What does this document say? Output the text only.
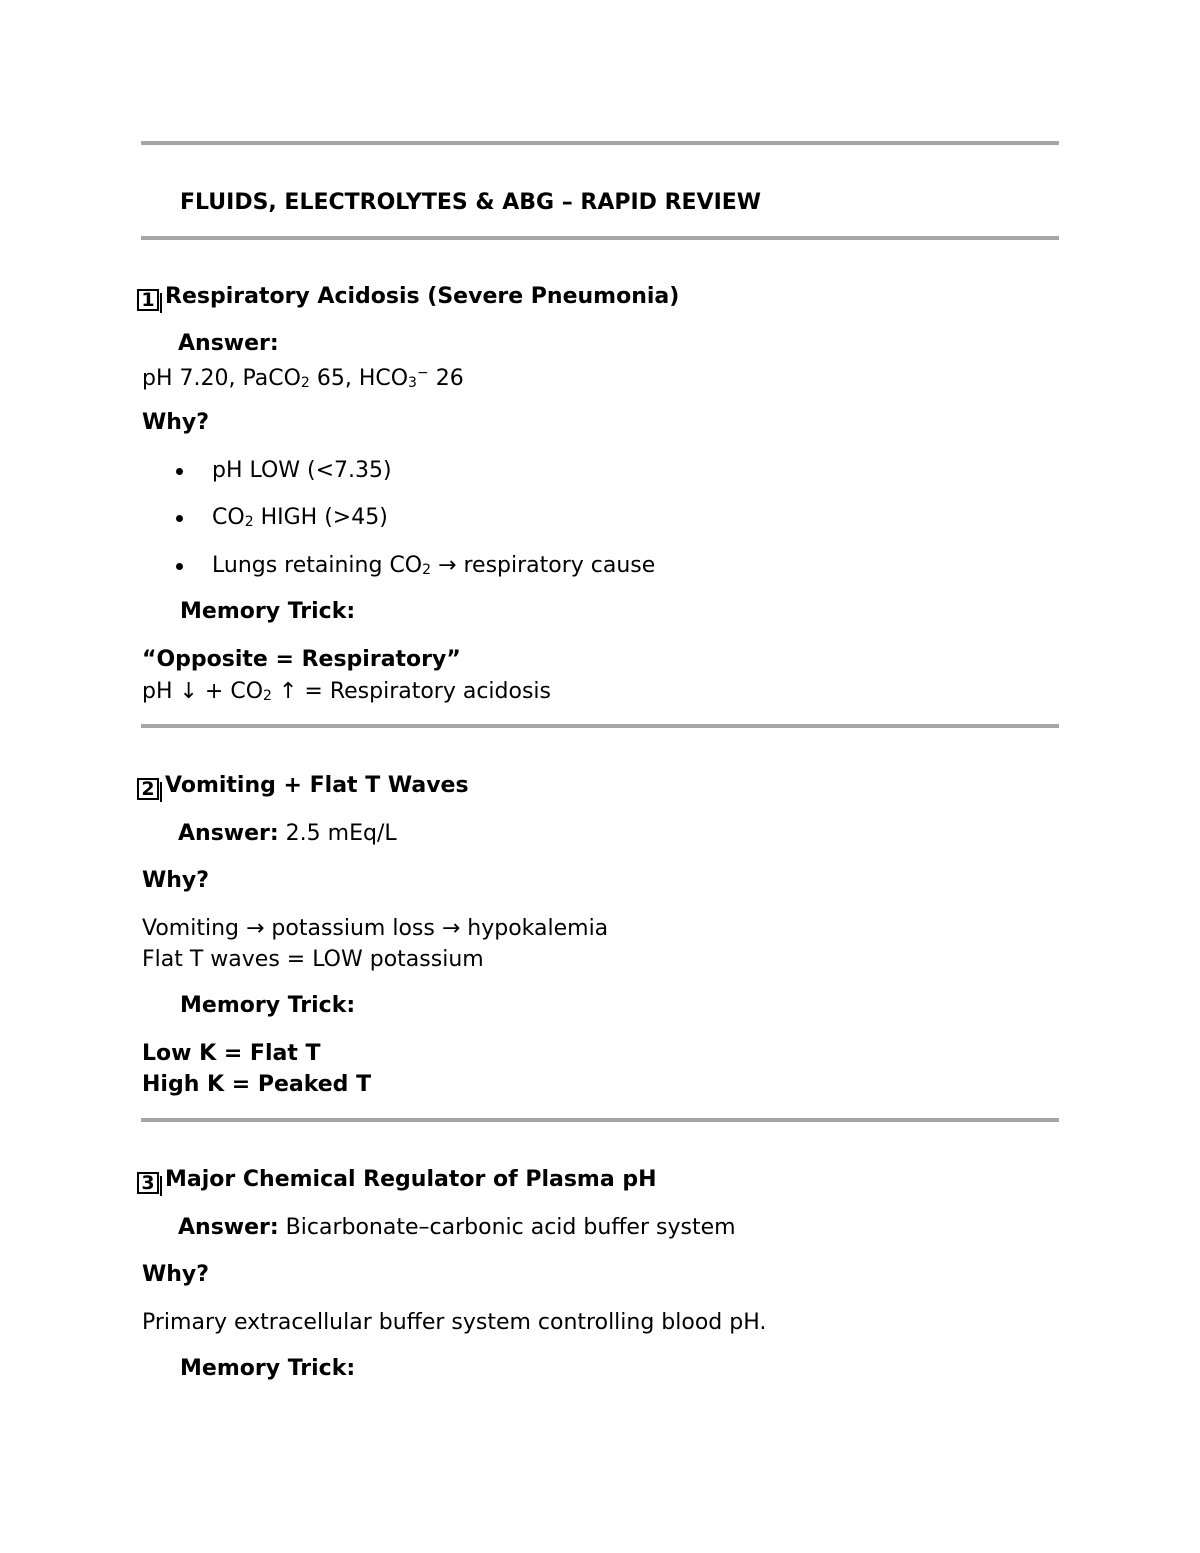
FLUIDS, ELECTROLYTES & ABG – RAPID REVIEW
1 Respiratory Acidosis (Severe Pneumonia)
Answer:
pH 7.20, PaCO2 65, HCO3− 26
Why?
pH LOW (<7.35)
CO2 HIGH (>45)
Lungs retaining CO2 → respiratory cause
Memory Trick:
“Opposite = Respiratory”
pH ↓ + CO2 ↑ = Respiratory acidosis
2 Vomiting + Flat T Waves
Answer: 2.5 mEq/L
Why?
Vomiting → potassium loss → hypokalemia
Flat T waves = LOW potassium
Memory Trick:
Low K = Flat T
High K = Peaked T
3 Major Chemical Regulator of Plasma pH
Answer: Bicarbonate–carbonic acid buffer system
Why?
Primary extracellular buffer system controlling blood pH.
Memory Trick:
